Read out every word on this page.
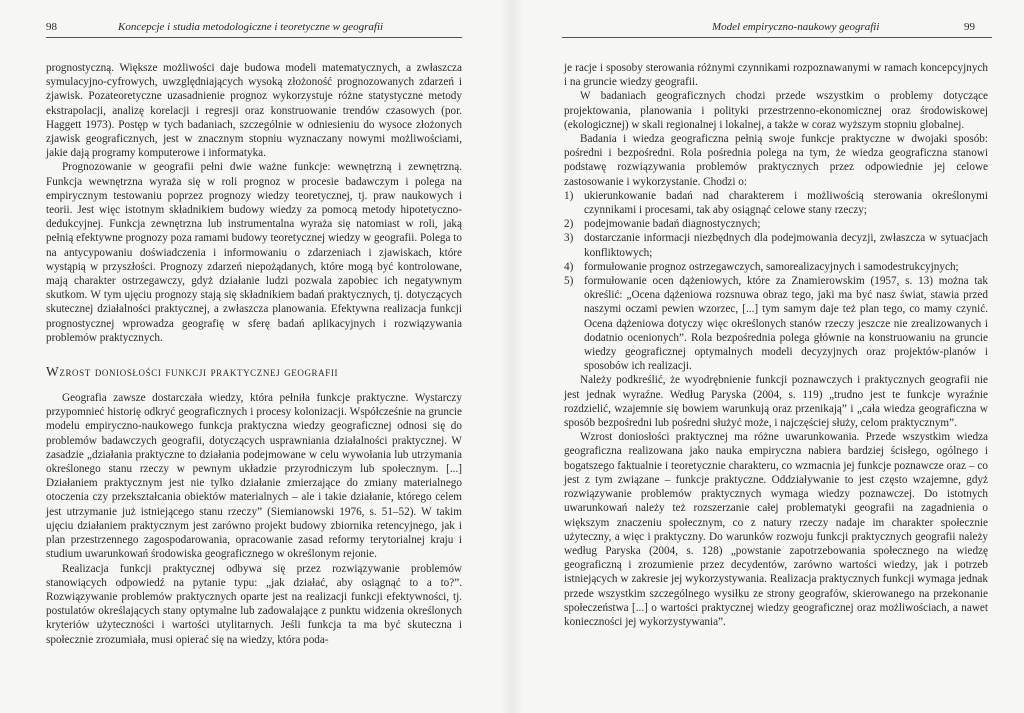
98	Koncepcje i studia metodologiczne i teoretyczne w geografii

prognostyczną. Większe możliwości daje budowa modeli matematycznych, a zwłaszcza symulacyjno-cyfrowych, uwzględniających wysoką złożoność prognozowanych zdarzeń i zjawisk. Pozateoretyczne uzasadnienie prognoz wykorzystuje różne statystyczne metody ekstrapolacji, analizę korelacji i regresji oraz konstruowanie trendów czasowych (por. Haggett 1973). Postęp w tych badaniach, szczególnie w odniesieniu do wysoce złożonych zjawisk geograficznych, jest w znacznym stopniu wyznaczany nowymi możliwościami, jakie dają programy komputerowe i informatyka.

Prognozowanie w geografii pełni dwie ważne funkcje: wewnętrzną i zewnętrzną. Funkcja wewnętrzna wyraża się w roli prognoz w procesie badawczym i polega na empirycznym testowaniu poprzez prognozy wiedzy teoretycznej, tj. praw naukowych i teorii. Jest więc istotnym składnikiem budowy wiedzy za pomocą metody hipotetyczno-dedukcyjnej. Funkcja zewnętrzna lub instrumentalna wyraża się natomiast w roli, jaką pełnią efektywne prognozy poza ramami budowy teoretycznej wiedzy w geografii. Polega to na antycypowaniu doświadczenia i informowaniu o zdarzeniach i zjawiskach, które wystąpią w przyszłości. Prognozy zdarzeń niepożądanych, które mogą być kontrolowane, mają charakter ostrzegawczy, gdyż działanie ludzi pozwala zapobiec ich negatywnym skutkom. W tym ujęciu prognozy stają się składnikiem badań praktycznych, tj. dotyczących skutecznej działalności praktycznej, a zwłaszcza planowania. Efektywna realizacja funkcji prognostycznej wprowadza geografię w sferę badań aplikacyjnych i rozwiązywania problemów praktycznych.

Wzrost doniosłości funkcji praktycznej geografii

Geografia zawsze dostarczała wiedzy, która pełniła funkcje praktyczne. Wystarczy przypomnieć historię odkryć geograficznych i procesy kolonizacji. Współcześnie na gruncie modelu empiryczno-naukowego funkcja praktyczna wiedzy geograficznej odnosi się do problemów badawczych geografii, dotyczących usprawniania działalności praktycznej. W zasadzie „działania praktyczne to działania podejmowane w celu wywołania lub utrzymania określonego stanu rzeczy w pewnym układzie przyrodniczym lub społecznym. [...] Działaniem praktycznym jest nie tylko działanie zmierzające do zmiany materialnego otoczenia czy przekształcania obiektów materialnych – ale i takie działanie, którego celem jest utrzymanie już istniejącego stanu rzeczy” (Siemianowski 1976, s. 51–52). W takim ujęciu działaniem praktycznym jest zarówno projekt budowy zbiornika retencyjnego, jak i plan przestrzennego zagospodarowania, opracowanie zasad reformy terytorialnej kraju i studium uwarunkowań środowiska geograficznego w określonym rejonie.

Realizacja funkcji praktycznej odbywa się przez rozwiązywanie problemów stanowiących odpowiedź na pytanie typu: „jak działać, aby osiągnąć to a to?”. Rozwiązywanie problemów praktycznych oparte jest na realizacji funkcji efektywności, tj. postulatów określających stany optymalne lub zadowalające z punktu widzenia określonych kryteriów użyteczności i wartości utylitarnych. Jeśli funkcja ta ma być skuteczna i społecznie zrozumiała, musi opierać się na wiedzy, która poda-

Model empiryczno-naukowy geografii	99

je racje i sposoby sterowania różnymi czynnikami rozpoznawanymi w ramach koncepcyjnych i na gruncie wiedzy geografii.

W badaniach geograficznych chodzi przede wszystkim o problemy dotyczące projektowania, planowania i polityki przestrzenno-ekonomicznej oraz środowiskowej (ekologicznej) w skali regionalnej i lokalnej, a także w coraz wyższym stopniu globalnej.

Badania i wiedza geograficzna pełnią swoje funkcje praktyczne w dwojaki sposób: pośredni i bezpośredni. Rola pośrednia polega na tym, że wiedza geograficzna stanowi podstawę rozwiązywania problemów praktycznych przez odpowiednie jej celowe zastosowanie i wykorzystanie. Chodzi o:

1) ukierunkowanie badań nad charakterem i możliwością sterowania określonymi czynnikami i procesami, tak aby osiągnąć celowe stany rzeczy;
2) podejmowanie badań diagnostycznych;
3) dostarczanie informacji niezbędnych dla podejmowania decyzji, zwłaszcza w sytuacjach konfliktowych;
4) formułowanie prognoz ostrzegawczych, samorealizacyjnych i samodestrukcyjnych;
5) formułowanie ocen dążeniowych, które za Znamierowskim (1957, s. 13) można tak określić: „Ocena dążeniowa rozsnuwa obraz tego, jaki ma być nasz świat, stawia przed naszymi oczami pewien wzorzec, [...] tym samym daje też plan tego, co mamy czynić. Ocena dążeniowa dotyczy więc określonych stanów rzeczy jeszcze nie zrealizowanych i dodatnio ocenionych”. Rola bezpośrednia polega głównie na konstruowaniu na gruncie wiedzy geograficznej optymalnych modeli decyzyjnych oraz projektów-planów i sposobów ich realizacji.

Należy podkreślić, że wyodrębnienie funkcji poznawczych i praktycznych geografii nie jest jednak wyraźne. Według Paryska (2004, s. 119) „trudno jest te funkcje wyraźnie rozdzielić, wzajemnie się bowiem warunkują oraz przenikają” i „cała wiedza geograficzna w sposób bezpośredni lub pośredni służyć może, i najczęściej służy, celom praktycznym”.

Wzrost doniosłości praktycznej ma różne uwarunkowania. Przede wszystkim wiedza geograficzna realizowana jako nauka empiryczna nabiera bardziej ścisłego, ogólnego i bogatszego faktualnie i teoretycznie charakteru, co wzmacnia jej funkcje poznawcze oraz – co jest z tym związane – funkcje praktyczne. Oddziaływanie to jest często wzajemne, gdyż rozwiązywanie problemów praktycznych wymaga wiedzy poznawczej. Do istotnych uwarunkowań należy też rozszerzanie całej problematyki geografii na zagadnienia o większym znaczeniu społecznym, co z natury rzeczy nadaje im charakter społecznie użyteczny, a więc i praktyczny. Do warunków rozwoju funkcji praktycznych geografii należy według Paryska (2004, s. 128) „powstanie zapotrzebowania społecznego na wiedzę geograficzną i zrozumienie przez decydentów, zarówno wartości wiedzy, jak i potrzeb istniejących w zakresie jej wykorzystywania. Realizacja praktycznych funkcji wymaga jednak przede wszystkim szczególnego wysiłku ze strony geografów, skierowanego na przekonanie społeczeństwa [...] o wartości praktycznej wiedzy geograficznej oraz możliwościach, a nawet konieczności jej wykorzystywania”.
